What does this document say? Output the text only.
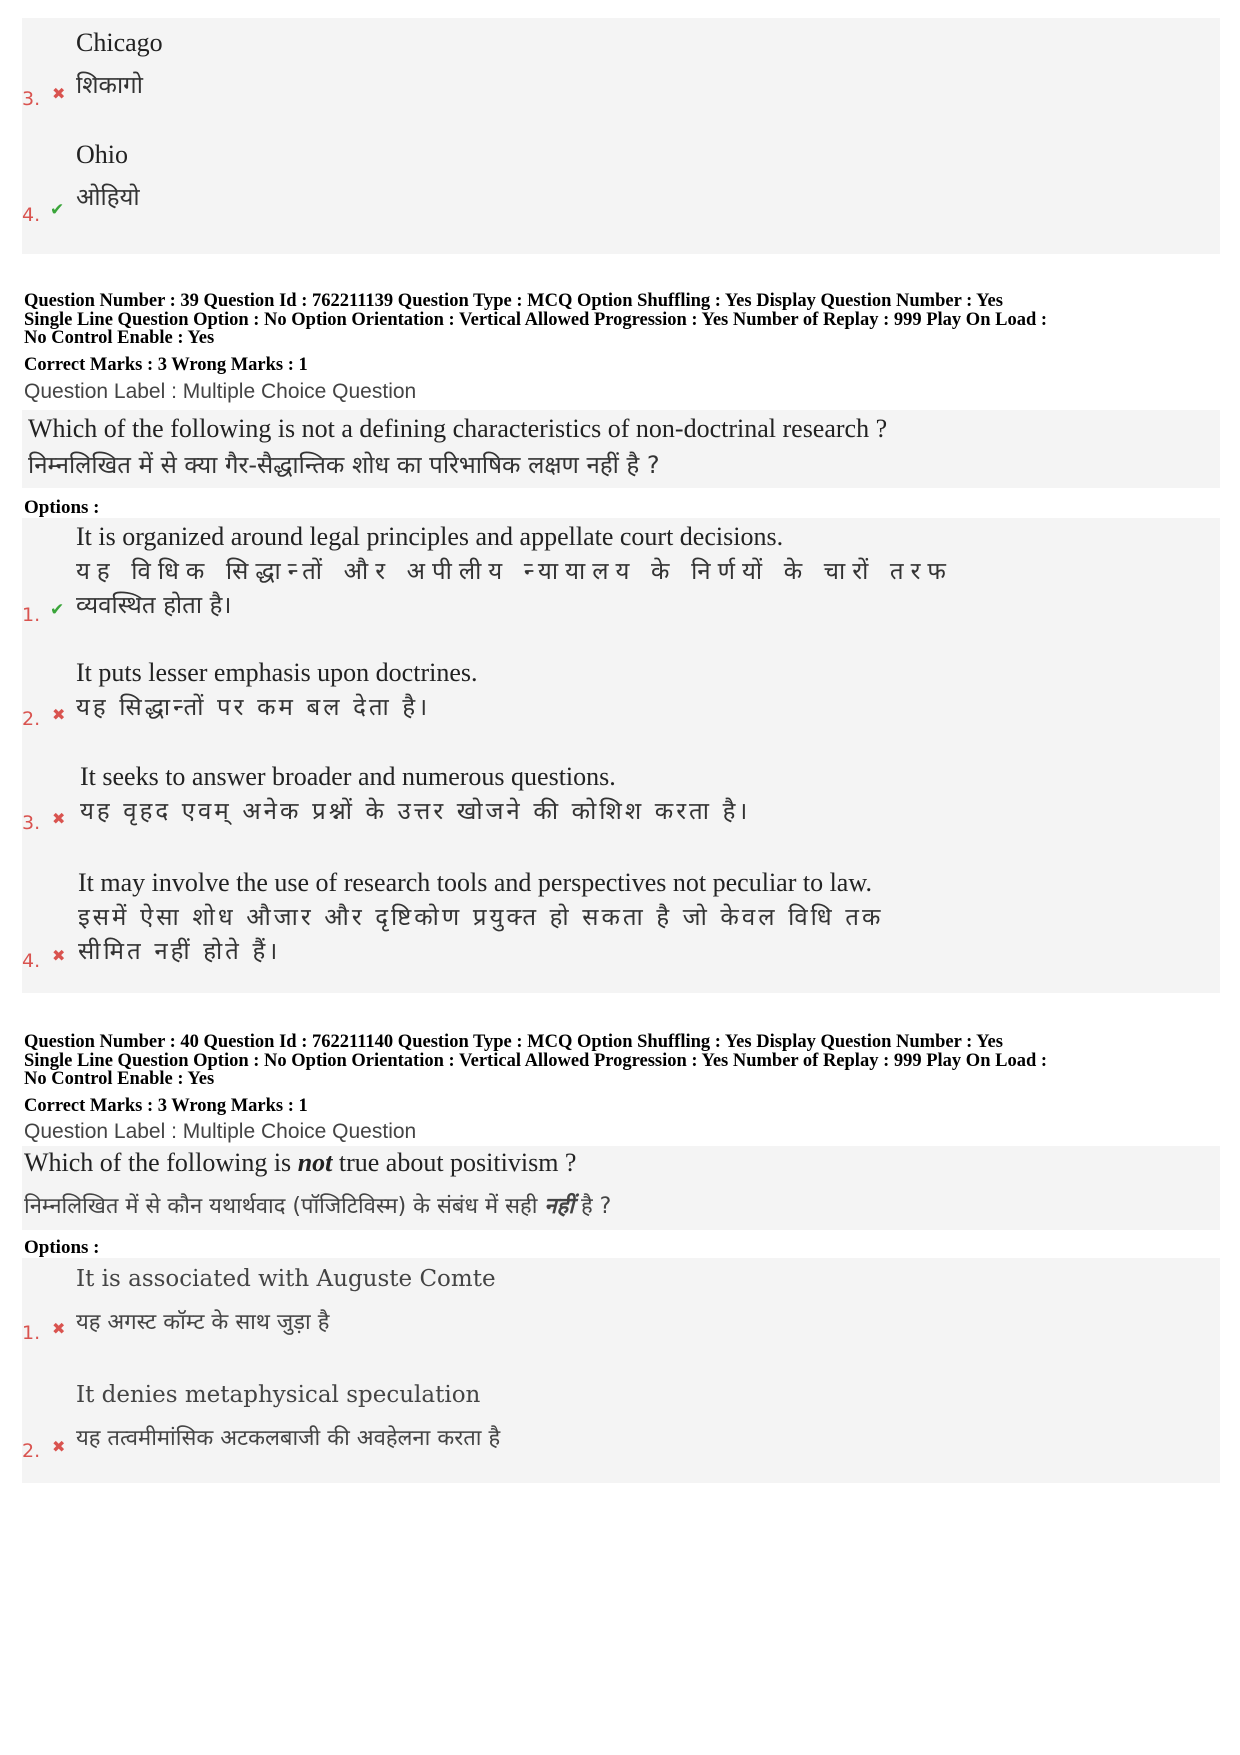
Chicago
शिकागो
3. ✖
Ohio
ओहियो
4. ✔
Question Number : 39 Question Id : 762211139 Question Type : MCQ Option Shuffling : Yes Display Question Number : Yes
Single Line Question Option : No Option Orientation : Vertical Allowed Progression : Yes Number of Replay : 999 Play On Load :
No Control Enable : Yes
Correct Marks : 3 Wrong Marks : 1
Question Label : Multiple Choice Question
Which of the following is not a defining characteristics of non-doctrinal research ?
निम्नलिखित में से क्या गैर-सैद्धान्तिक शोध का परिभाषिक लक्षण नहीं है ?
Options :
It is organized around legal principles and appellate court decisions.
यह विधिक सिद्धान्तों और अपीलीय न्यायालय के निर्णयों के चारों तरफ
व्यवस्थित होता है।
1. ✔
It puts lesser emphasis upon doctrines.
यह सिद्धान्तों पर कम बल देता है।
2. ✖
It seeks to answer broader and numerous questions.
यह वृहद एवम् अनेक प्रश्नों के उत्तर खोजने की कोशिश करता है।
3. ✖
It may involve the use of research tools and perspectives not peculiar to law.
इसमें ऐसा शोध औजार और दृष्टिकोण प्रयुक्त हो सकता है जो केवल विधि तक
सीमित नहीं होते हैं।
4. ✖
Question Number : 40 Question Id : 762211140 Question Type : MCQ Option Shuffling : Yes Display Question Number : Yes
Single Line Question Option : No Option Orientation : Vertical Allowed Progression : Yes Number of Replay : 999 Play On Load :
No Control Enable : Yes
Correct Marks : 3 Wrong Marks : 1
Question Label : Multiple Choice Question
Which of the following is not true about positivism ?
निम्नलिखित में से कौन यथार्थवाद (पॉजिटिविस्म) के संबंध में सही नहीं है ?
Options :
It is associated with Auguste Comte
यह अगस्ट कॉम्ट के साथ जुड़ा है
1. ✖
It denies metaphysical speculation
यह तत्वमीमांसिक अटकलबाजी की अवहेलना करता है
2. ✖
